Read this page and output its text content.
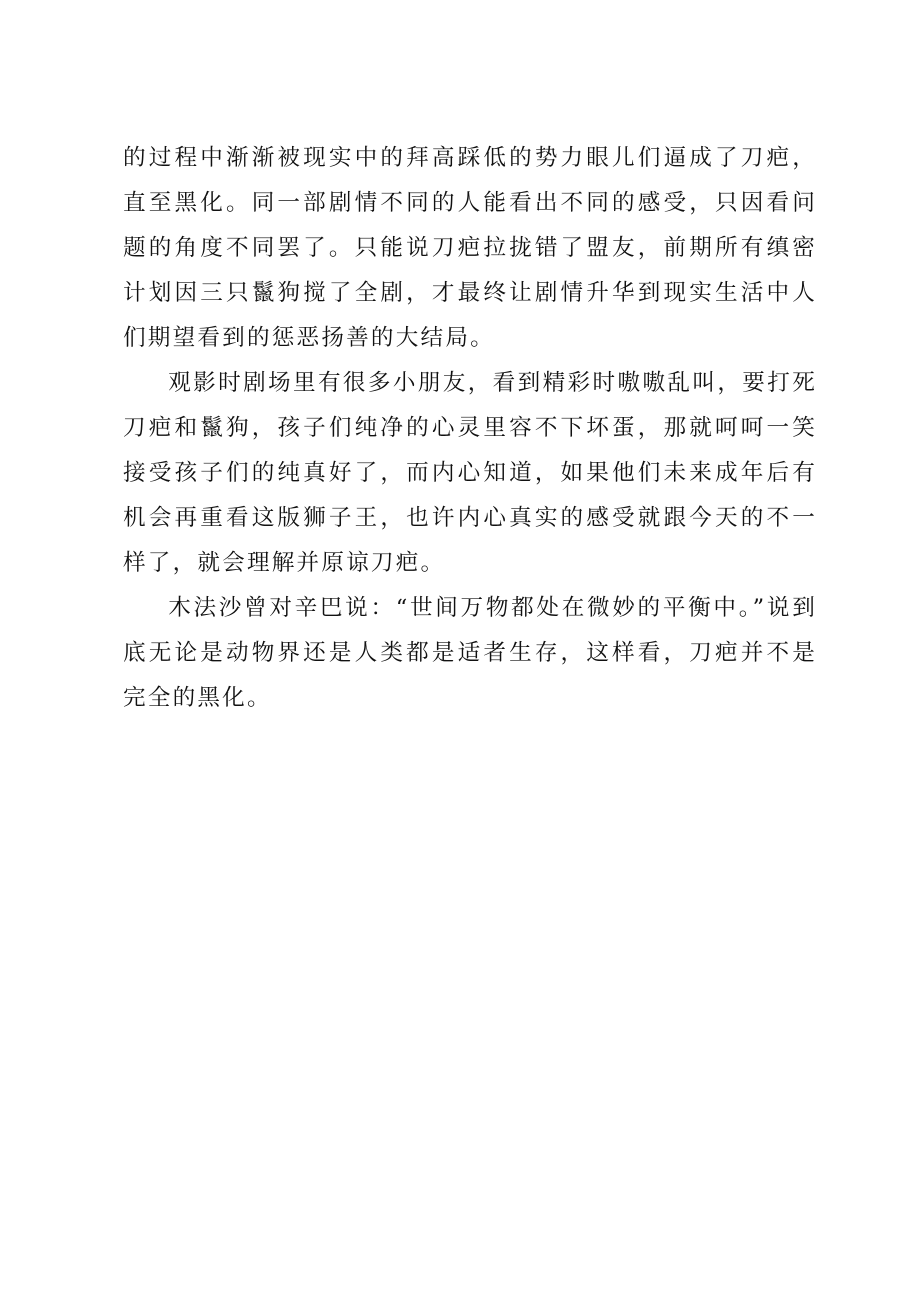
的过程中渐渐被现实中的拜高踩低的势力眼儿们逼成了刀疤，直至黑化。同一部剧情不同的人能看出不同的感受，只因看问题的角度不同罢了。只能说刀疤拉拢错了盟友，前期所有缜密计划因三只鬣狗搅了全剧，才最终让剧情升华到现实生活中人们期望看到的惩恶扬善的大结局。

观影时剧场里有很多小朋友，看到精彩时嗷嗷乱叫，要打死刀疤和鬣狗，孩子们纯净的心灵里容不下坏蛋，那就呵呵一笑接受孩子们的纯真好了，而内心知道，如果他们未来成年后有机会再重看这版狮子王，也许内心真实的感受就跟今天的不一样了，就会理解并原谅刀疤。

木法沙曾对辛巴说：“世间万物都处在微妙的平衡中。”说到底无论是动物界还是人类都是适者生存，这样看，刀疤并不是完全的黑化。
